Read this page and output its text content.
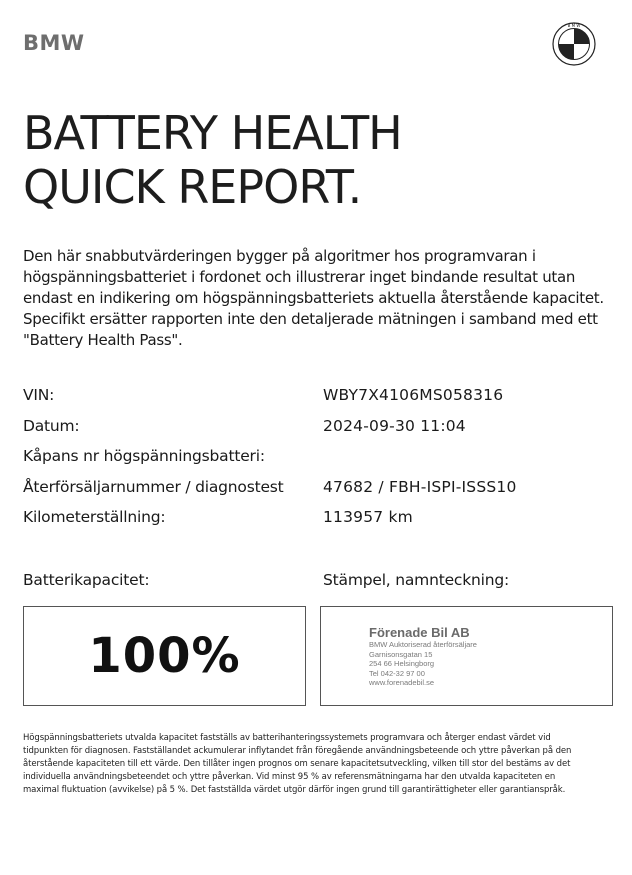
BMW
B M W
BATTERY HEALTH
QUICK REPORT.

Den här snabbutvärderingen bygger på algoritmer hos programvaran i högspänningsbatteriet i fordonet och illustrerar inget bindande resultat utan endast en indikering om högspänningsbatteriets aktuella återstående kapacitet. Specifikt ersätter rapporten inte den detaljerade mätningen i samband med ett "Battery Health Pass".

VIN:	WBY7X4106MS058316
Datum:	2024-09-30 11:04
Kåpans nr högspänningsbatteri:
Återförsäljarnummer / diagnostest	47682 / FBH-ISPI-ISSS10
Kilometerställning:	113957 km
Batterikapacitet:	Stämpel, namnteckning:
100%	Förenade Bil AB
BMW Auktoriserad återförsäljare
Garnisonsgatan 15
254 66 Helsingborg
Tel 042-32 97 00
www.forenadebil.se

Högspänningsbatteriets utvalda kapacitet fastställs av batterihanteringssystemets programvara och återger endast värdet vid tidpunkten för diagnosen. Fastställandet ackumulerar inflytandet från föregående användningsbeteende och yttre påverkan på den återstående kapaciteten till ett värde. Den tillåter ingen prognos om senare kapacitetsutveckling, vilken till stor del bestäms av det individuella användningsbeteendet och yttre påverkan. Vid minst 95 % av referensmätningarna har den utvalda kapaciteten en maximal fluktuation (avvikelse) på 5 %. Det fastställda värdet utgör därför ingen grund till garantirättigheter eller garantianspråk.
